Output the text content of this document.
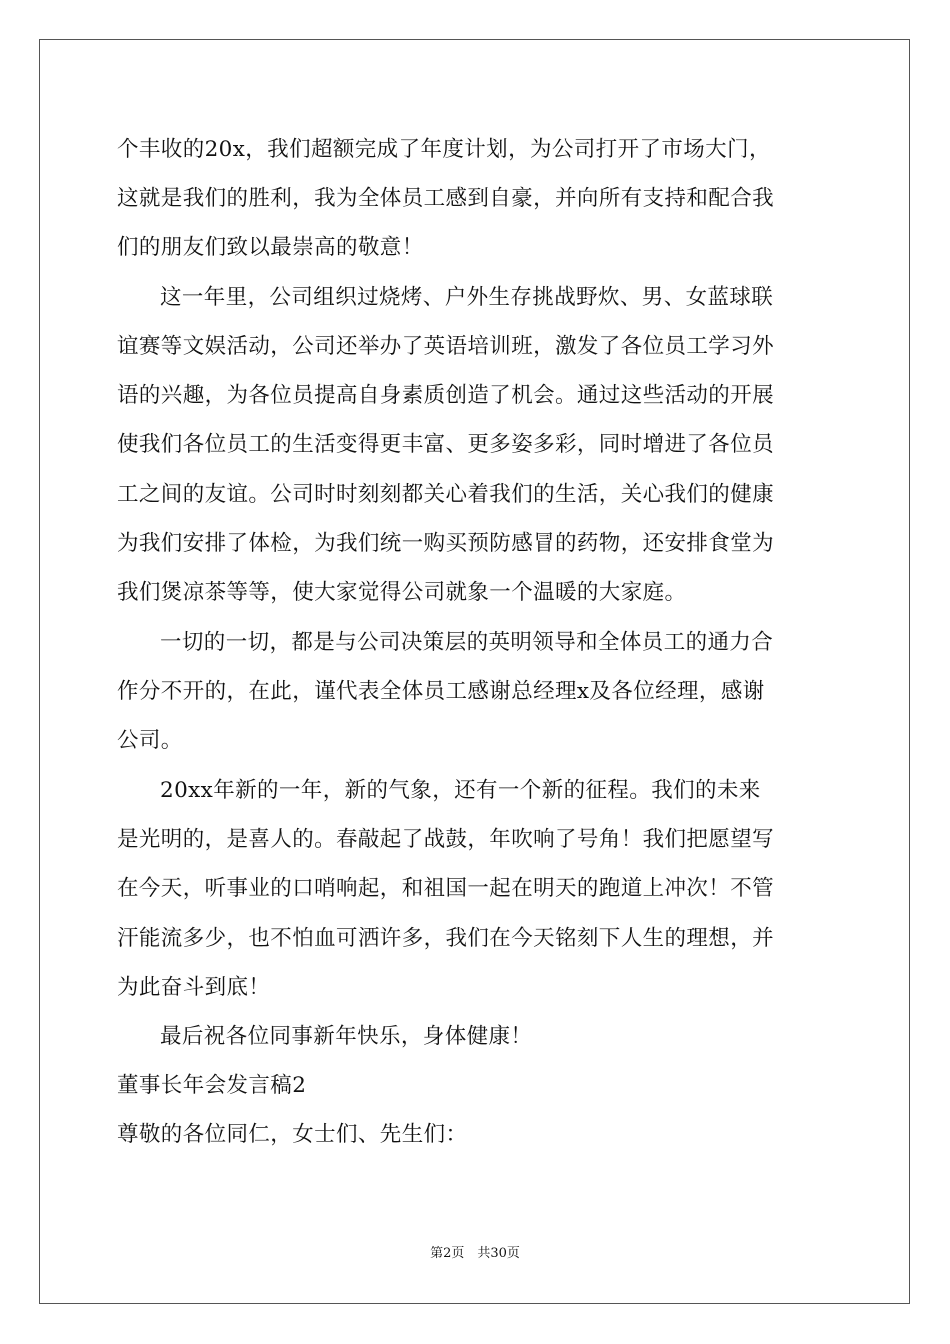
个丰收的20x，我们超额完成了年度计划，为公司打开了市场大门，
这就是我们的胜利，我为全体员工感到自豪，并向所有支持和配合我
们的朋友们致以最崇高的敬意！
这一年里，公司组织过烧烤、户外生存挑战野炊、男、女蓝球联
谊赛等文娱活动，公司还举办了英语培训班，激发了各位员工学习外
语的兴趣，为各位员提高自身素质创造了机会。通过这些活动的开展
使我们各位员工的生活变得更丰富、更多姿多彩，同时增进了各位员
工之间的友谊。公司时时刻刻都关心着我们的生活，关心我们的健康
为我们安排了体检，为我们统一购买预防感冒的药物，还安排食堂为
我们煲凉茶等等，使大家觉得公司就象一个温暖的大家庭。
一切的一切，都是与公司决策层的英明领导和全体员工的通力合
作分不开的，在此，谨代表全体员工感谢总经理x及各位经理，感谢
公司。
20xx年新的一年，新的气象，还有一个新的征程。我们的未来
是光明的，是喜人的。春敲起了战鼓，年吹响了号角！我们把愿望写
在今天，听事业的口哨响起，和祖国一起在明天的跑道上冲次！不管
汗能流多少，也不怕血可洒许多，我们在今天铭刻下人生的理想，并
为此奋斗到底！
最后祝各位同事新年快乐，身体健康！
董事长年会发言稿2
尊敬的各位同仁，女士们、先生们：
第2页　共30页
